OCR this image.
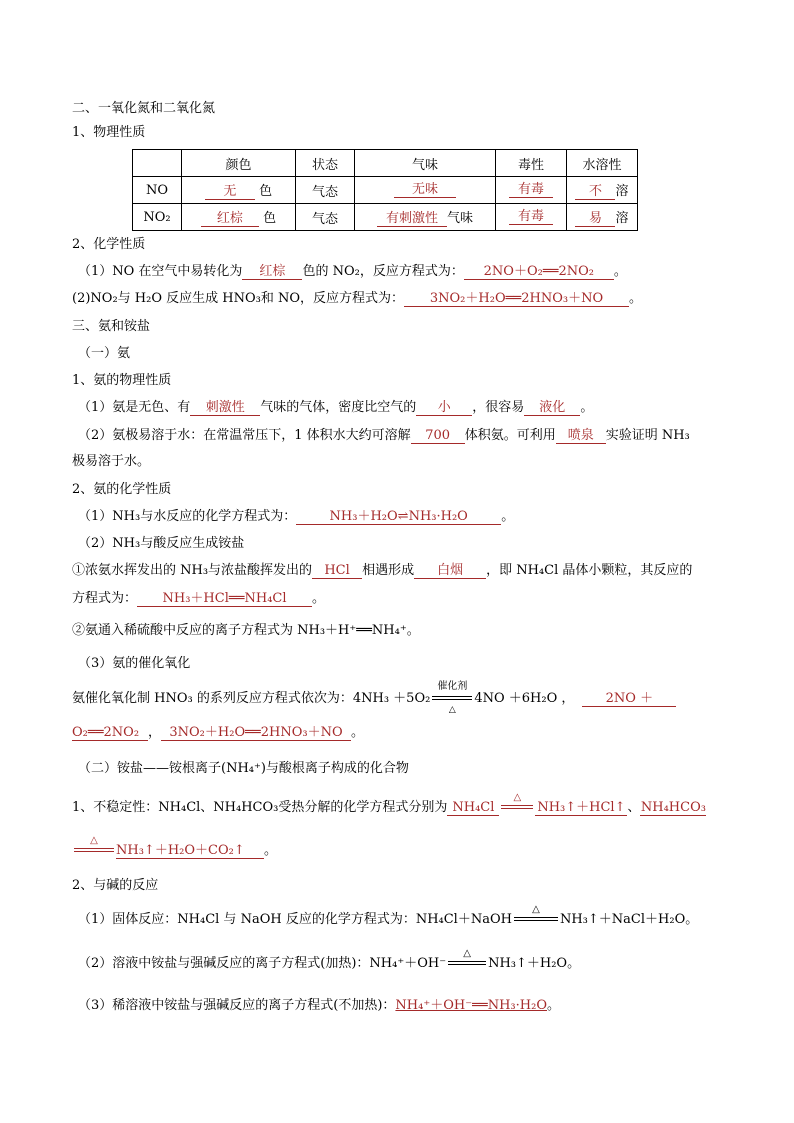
二、一氧化氮和二氧化氮
1、物理性质
	颜色	状态	气味	毒性	水溶性
NO	无 色	气态	无味	有毒	不 溶
NO₂	红棕 色	气态	有刺激性 气味	有毒	易 溶
2、化学性质
（1）NO 在空气中易转化为 红棕 色的 NO₂，反应方程式为： 2NO＋O₂══2NO₂ 。
(2)NO₂与 H₂O 反应生成 HNO₃和 NO，反应方程式为： 3NO₂＋H₂O══2HNO₃＋NO 。
三、氨和铵盐
（一）氨
1、氨的物理性质
（1）氨是无色、有 刺激性 气味的气体，密度比空气的 小 ，很容易 液化 。
（2）氨极易溶于水：在常温常压下，1 体积水大约可溶解 700 体积氨。可利用 喷泉 实验证明 NH₃
极易溶于水。
2、氨的化学性质
（1）NH₃与水反应的化学方程式为：	NH₃＋H₂O⇌NH₃·H₂O	。
（2）NH₃与酸反应生成铵盐
①浓氨水挥发出的 NH₃与浓盐酸挥发出的 HCl 相遇形成 白烟 ，即 NH₄Cl 晶体小颗粒，其反应的
方程式为： NH₃＋HCl══NH₄Cl 。
②氨通入稀硫酸中反应的离子方程式为 NH₃＋H⁺══NH₄⁺。
（3）氨的催化氧化
氨催化氧化制 HNO₃ 的系列反应方程式依次为：4NH₃ ＋5O₂
催化剂
△
4NO ＋6H₂O ， 2NO ＋
O₂══2NO₂ ， 3NO₂＋H₂O══2HNO₃＋NO 。
（二）铵盐——铵根离子(NH₄⁺)与酸根离子构成的化合物
1、不稳定性：NH₄Cl、NH₄HCO₃受热分解的化学方程式分别为 NH₄Cl
△
NH₃↑＋HCl↑ 、NH₄HCO₃
△
NH₃↑＋H₂O＋CO₂↑ 。
2、与碱的反应
（1）固体反应：NH₄Cl 与 NaOH 反应的化学方程式为：NH₄Cl＋NaOH
△
NH₃↑＋NaCl＋H₂O。
（2）溶液中铵盐与强碱反应的离子方程式(加热)：NH₄⁺＋OH⁻
△
NH₃↑＋H₂O。
（3）稀溶液中铵盐与强碱反应的离子方程式(不加热)：NH₄⁺＋OH⁻══NH₃·H₂O。
